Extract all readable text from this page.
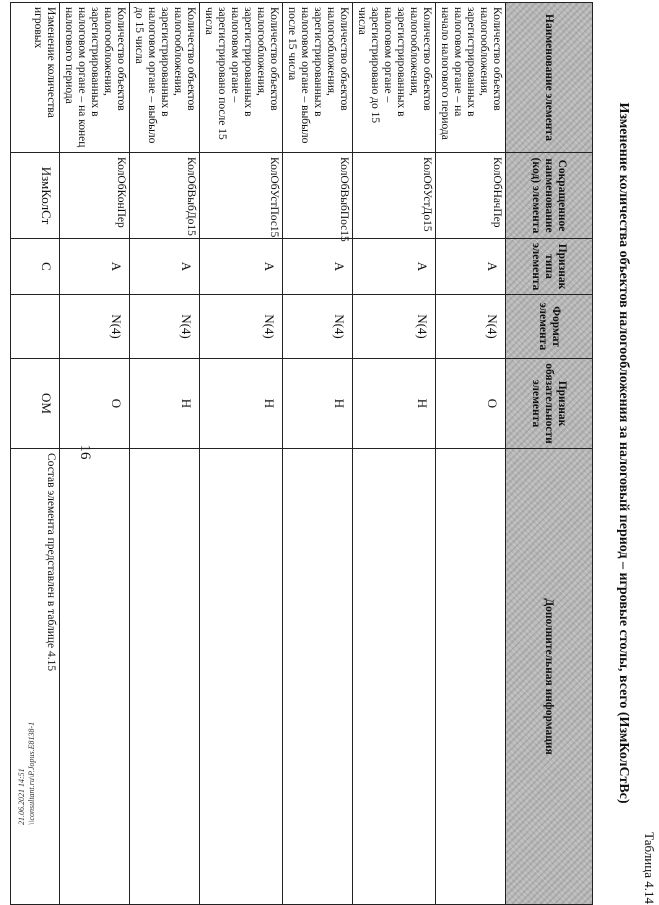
16
Таблица 4.14
Изменение количества объектов налогообложения за налоговый период – игровые столы, всего (ИзмКолСтВс)
Наименование элемента	Сокращенное наименование (код) элемента	Признак типа элемента	Формат элемента	Признак обязательности элемента	Дополнительная информация
Количество объектов налогообложения, зарегистрированных в налоговом органе – на начало налогового периода	КолОбНачПер	А	N(4)	О	
Количество объектов налогообложения, зарегистрированных в налоговом органе – зарегистрировано до 15 числа	КолОбУстДо15	А	N(4)	Н	
Количество объектов налогообложения, зарегистрированных в налоговом органе – выбыло после 15 числа	КолОбВыбПос15	А	N(4)	Н	
Количество объектов налогообложения, зарегистрированных в налоговом органе – зарегистрировано после 15 числа	КолОбУстПос15	А	N(4)	Н	
Количество объектов налогообложения, зарегистрированных в налоговом органе – выбыло до 15 числа	КолОбВыбДо15	А	N(4)	Н	
Количество объектов налогообложения, зарегистрированных в налоговом органе – на конец налогового периода	КолОбКонПер	А	N(4)	О	
Изменение количества игровых	ИзмКолСт	С		ОМ	Состав элемента представлен в таблице 4.15
21.06.2021 14:51 \\consultant.ru\P.Jopus.E8138-1
